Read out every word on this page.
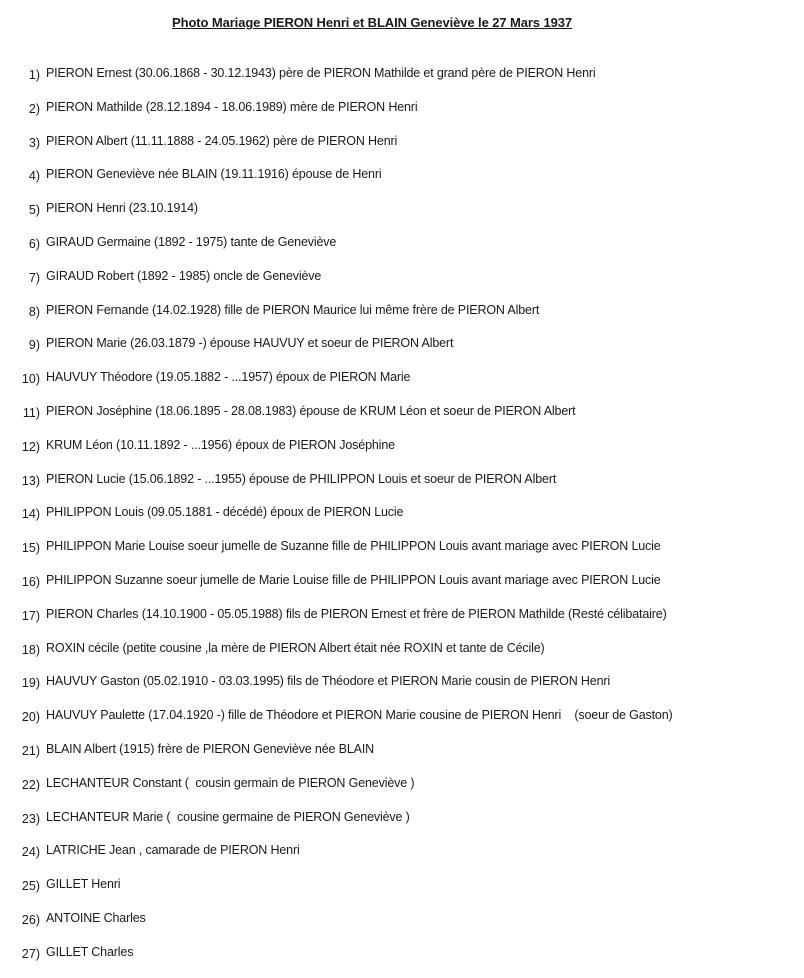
Photo Mariage PIERON Henri et BLAIN Geneviève le 27 Mars 1937
1) PIERON Ernest (30.06.1868 - 30.12.1943) père de PIERON Mathilde et grand père de PIERON Henri
2) PIERON Mathilde (28.12.1894 - 18.06.1989) mère de PIERON Henri
3) PIERON Albert (11.11.1888 - 24.05.1962) père de PIERON Henri
4) PIERON Geneviève née BLAIN (19.11.1916) épouse de Henri
5) PIERON Henri (23.10.1914)
6) GIRAUD Germaine (1892 - 1975) tante de Geneviève
7) GIRAUD Robert (1892 - 1985) oncle de Geneviève
8) PIERON Fernande (14.02.1928) fille de PIERON Maurice lui même frère de PIERON Albert
9) PIERON Marie (26.03.1879 -) épouse HAUVUY et soeur de PIERON Albert
10) HAUVUY Théodore (19.05.1882 - ...1957) époux de PIERON Marie
11) PIERON Joséphine (18.06.1895 - 28.08.1983) épouse de KRUM Léon et soeur de PIERON Albert
12) KRUM Léon (10.11.1892 - ...1956) époux de PIERON Joséphine
13) PIERON Lucie (15.06.1892 - ...1955) épouse de PHILIPPON Louis et soeur de PIERON Albert
14) PHILIPPON Louis (09.05.1881 - décédé) époux de PIERON Lucie
15) PHILIPPON Marie Louise soeur jumelle de Suzanne fille de PHILIPPON Louis avant mariage avec PIERON Lucie
16) PHILIPPON Suzanne soeur jumelle de Marie Louise fille de PHILIPPON Louis avant mariage avec PIERON Lucie
17) PIERON Charles (14.10.1900 - 05.05.1988) fils de PIERON Ernest et frère de PIERON Mathilde (Resté célibataire)
18) ROXIN cécile (petite cousine ,la mère de PIERON Albert était née ROXIN et tante de Cécile)
19) HAUVUY Gaston (05.02.1910 - 03.03.1995) fils de Théodore et PIERON Marie cousin de PIERON Henri
20) HAUVUY Paulette (17.04.1920 -) fille de Théodore et PIERON Marie cousine de PIERON Henri    (soeur de Gaston)
21) BLAIN Albert (1915) frère de PIERON Geneviève née BLAIN
22) LECHANTEUR Constant (  cousin germain de PIERON Geneviève )
23) LECHANTEUR Marie (  cousine germaine de PIERON Geneviève )
24) LATRICHE Jean , camarade de PIERON Henri
25) GILLET Henri
26) ANTOINE Charles
27) GILLET Charles
